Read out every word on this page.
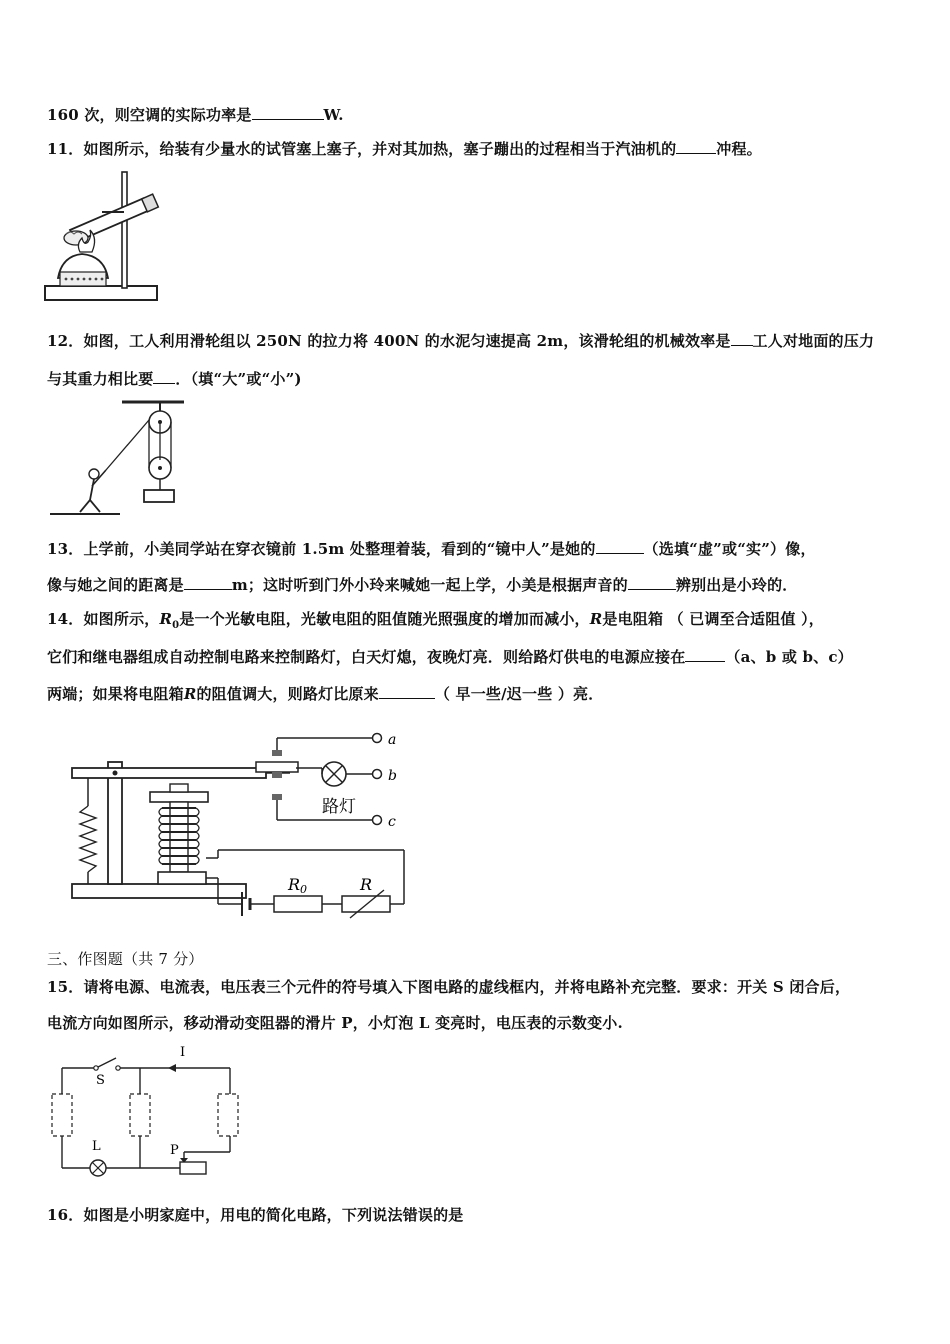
160 次，则空调的实际功率是	W.
11．如图所示，给装有少量水的试管塞上塞子，并对其加热，塞子蹦出的过程相当于汽油机的	冲程。
12．如图，工人利用滑轮组以 250N 的拉力将 400N 的水泥匀速提高 2m，该滑轮组的机械效率是 工人对地面的压力
与其重力相比要 ．（填“大”或“小”)
13．上学前，小美同学站在穿衣镜前 1.5m 处整理着装，看到的“镜中人”是她的	（选填“虚”或“实”）像，
像与她之间的距离是	m；这时听到门外小玲来喊她一起上学，小美是根据声音的	辨别出是小玲的．
14．如图所示，$R_0$是一个光敏电阻，光敏电阻的阻值随光照强度的增加而减小，R是电阻箱 （ 已调至合适阻值 ），
它们和继电器组成自动控制电路来控制路灯，白天灯熄，夜晚灯亮．则给路灯供电的电源应接在	（a、b 或 b、c）
两端；如果将电阻箱R的阻值调大，则路灯比原来	（ 早一些/迟一些 ）亮．
a
b
c
路灯
R0	R
三、作图题（共 7 分）
15．请将电源、电流表，电压表三个元件的符号填入下图电路的虚线框内，并将电路补充完整．要求：开关 S 闭合后，
电流方向如图所示，移动滑动变阻器的滑片 P，小灯泡 L 变亮时，电压表的示数变小.
I
S
L	P
16．如图是小明家庭中，用电的简化电路，下列说法错误的是
